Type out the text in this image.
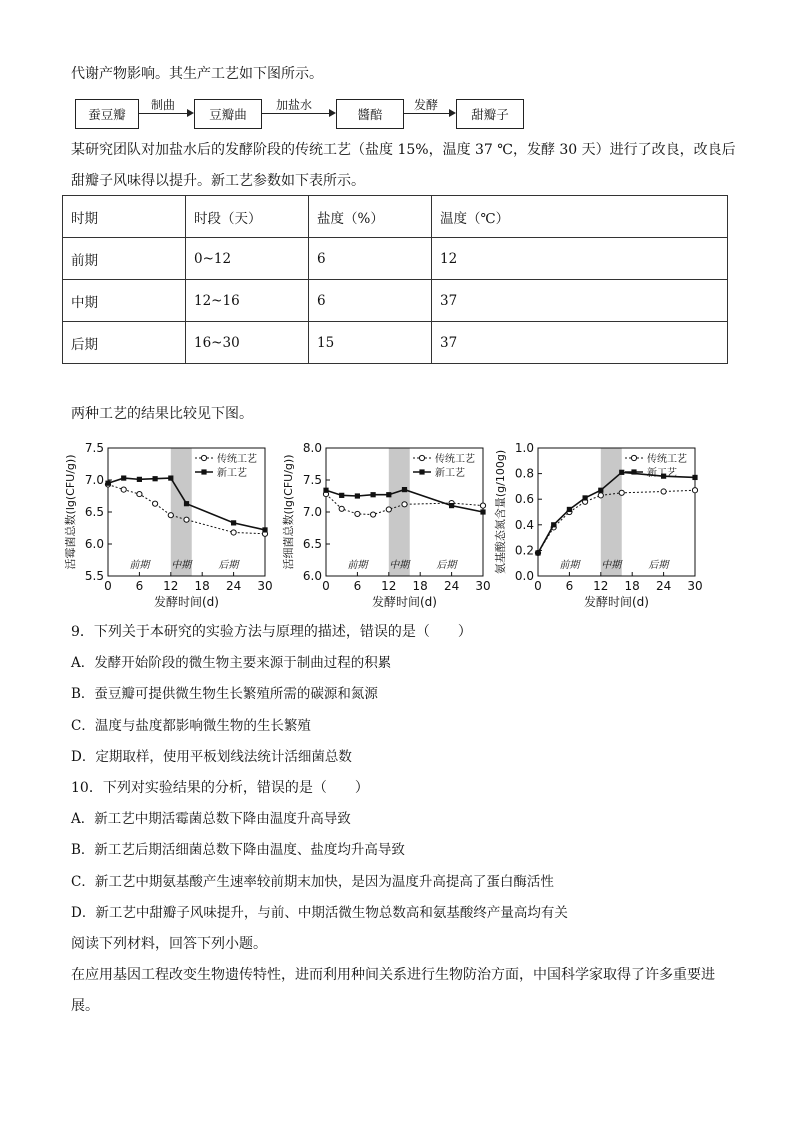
代谢产物影响。其生产工艺如下图所示。
蚕豆瓣
制曲
豆瓣曲
加盐水
醬醅
发酵
甜瓣子
某研究团队对加盐水后的发酵阶段的传统工艺（盐度 15%，温度 37 ℃，发酵 30 天）进行了改良，改良后
甜瓣子风味得以提升。新工艺参数如下表所示。
时期	时段（天）	盐度（%）	温度（℃）
前期	0~12	6	12
中期	12~16	6	37
后期	16~30	15	37
两种工艺的结果比较见下图。
5.5
6.0
6.5
7.0
7.5
0 6 12 18 24 30
发酵时间(d)
活霉菌总数(lg(CFU/g))	前期 中期	后期
传统工艺
新工艺
6.0
6.5
7.0
7.5
8.0
0 6 12 18 24 30
发酵时间(d)
活细菌总数(lg(CFU/g))	前期 中期	后期
传统工艺
新工艺
0.0
0.2
0.4
0.6
0.8
1.0
0 6 12 18 24 30
发酵时间(d)
氨基酸态氮含量(g/100g)	前期 中期	后期
传统工艺
新工艺
9．下列关于本研究的实验方法与原理的描述，错误的是（　　）
A．发酵开始阶段的微生物主要来源于制曲过程的积累
B．蚕豆瓣可提供微生物生长繁殖所需的碳源和氮源
C．温度与盐度都影响微生物的生长繁殖
D．定期取样，使用平板划线法统计活细菌总数
10．下列对实验结果的分析，错误的是（　　）
A．新工艺中期活霉菌总数下降由温度升高导致
B．新工艺后期活细菌总数下降由温度、盐度均升高导致
C．新工艺中期氨基酸产生速率较前期末加快，是因为温度升高提高了蛋白酶活性
D．新工艺中甜瓣子风味提升，与前、中期活微生物总数高和氨基酸终产量高均有关
阅读下列材料，回答下列小题。
在应用基因工程改变生物遗传特性，进而利用种间关系进行生物防治方面，中国科学家取得了许多重要进
展。
